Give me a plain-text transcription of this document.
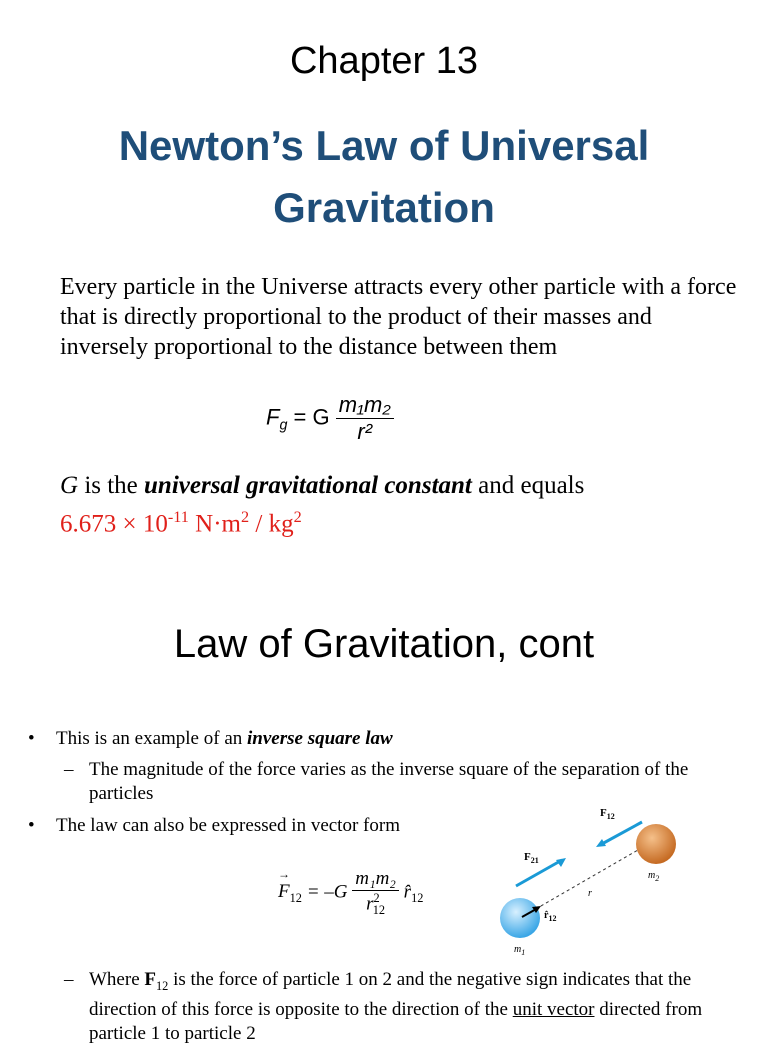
Chapter 13
Newton’s Law of Universal
Gravitation
Every particle in the Universe attracts every other particle with a force that is directly proportional to the product of their masses and inversely proportional to the distance between them
$F_g = G \frac{\text{m₁m₂}}{\text{r²}}$
G is the universal gravitational constant and equals
$6.673 \times 10^{-11}$ $N\cdot m^2 / kg^2$
Law of Gravitation, cont
• This is an example of an inverse square law
– The magnitude of the force varies as the inverse square of the separation of the particles
• The law can also be expressed in vector form
F
→
$_{12} = -G \frac{\text{m₁m₂}}{r^2_{12}}$ $r̂_{12}$
$F_{12}$
$F_{21}$
r
$r̂_{12}$
$m_1$
$m_2$
– Where $F_{12}$ is the force of particle 1 on 2 and the negative sign indicates that the direction of this force is opposite to the direction of the unit vector directed from particle 1 to particle 2
